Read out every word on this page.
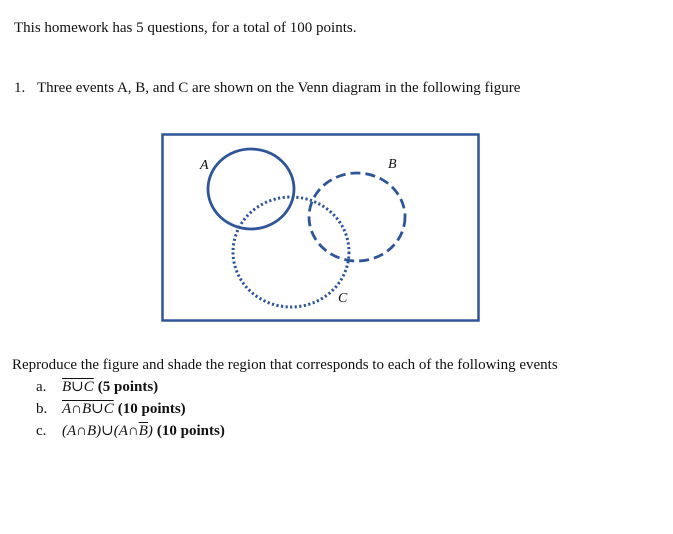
This homework has 5 questions, for a total of 100 points.
1. Three events A, B, and C are shown on the Venn diagram in the following figure
A	B
C
Reproduce the figure and shade the region that corresponds to each of the following events
a. B∪C (5 points)
b. A∩B∪C (10 points)
c. $(A\cap B)\cup(A\cap\overline{B})$ (10 points)
